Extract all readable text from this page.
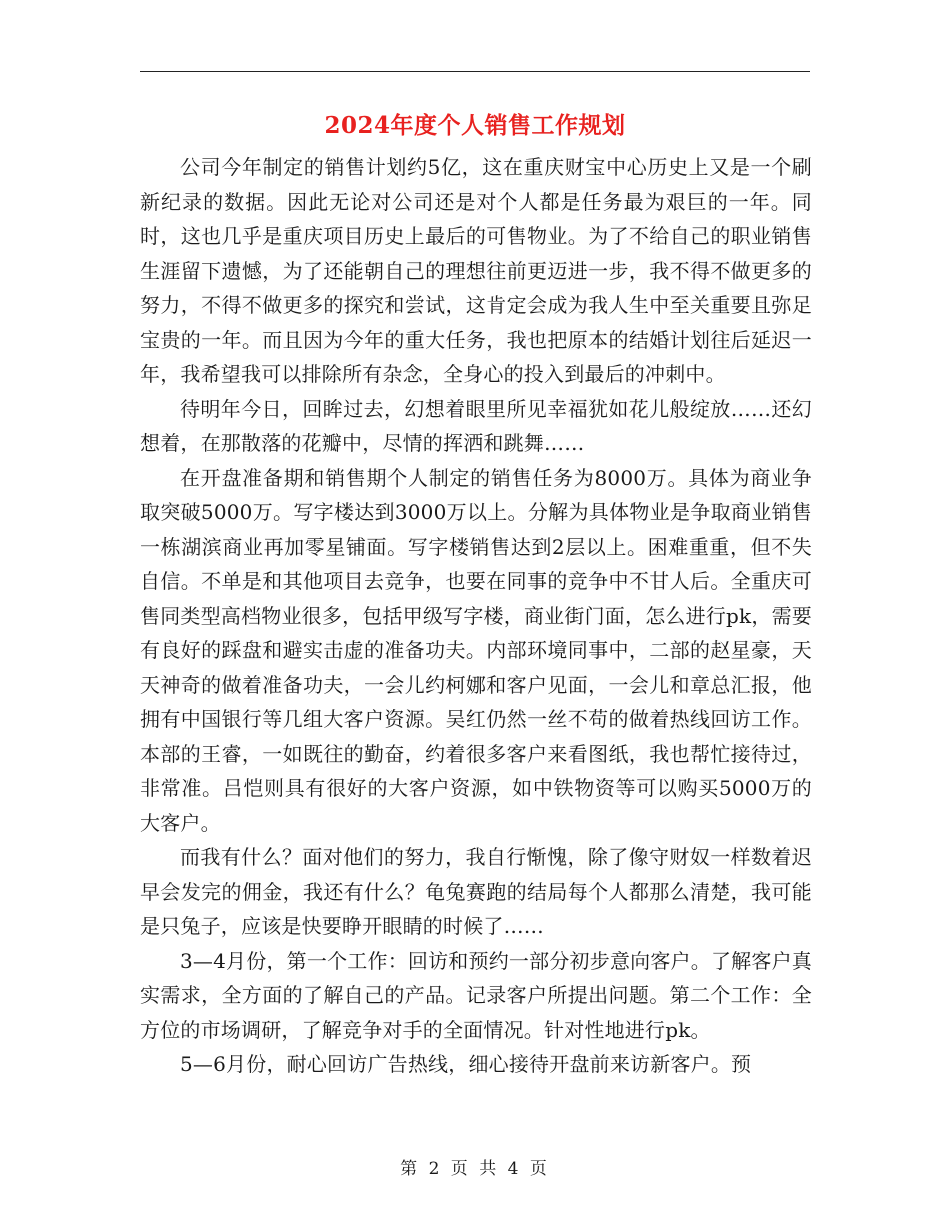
2024年度个人销售工作规划

公司今年制定的销售计划约5亿，这在重庆财宝中心历史上又是一个刷新纪录的数据。因此无论对公司还是对个人都是任务最为艰巨的一年。同时，这也几乎是重庆项目历史上最后的可售物业。为了不给自己的职业销售生涯留下遗憾，为了还能朝自己的理想往前更迈进一步，我不得不做更多的努力，不得不做更多的探究和尝试，这肯定会成为我人生中至关重要且弥足宝贵的一年。而且因为今年的重大任务，我也把原本的结婚计划往后延迟一年，我希望我可以排除所有杂念，全身心的投入到最后的冲刺中。

待明年今日，回眸过去，幻想着眼里所见幸福犹如花儿般绽放……还幻想着，在那散落的花瓣中，尽情的挥洒和跳舞……

在开盘准备期和销售期个人制定的销售任务为8000万。具体为商业争取突破5000万。写字楼达到3000万以上。分解为具体物业是争取商业销售一栋湖滨商业再加零星铺面。写字楼销售达到2层以上。困难重重，但不失自信。不单是和其他项目去竞争，也要在同事的竞争中不甘人后。全重庆可售同类型高档物业很多，包括甲级写字楼，商业街门面，怎么进行pk，需要有良好的踩盘和避实击虚的准备功夫。内部环境同事中，二部的赵星豪，天天神奇的做着准备功夫，一会儿约柯娜和客户见面，一会儿和章总汇报，他拥有中国银行等几组大客户资源。吴红仍然一丝不苟的做着热线回访工作。本部的王睿，一如既往的勤奋，约着很多客户来看图纸，我也帮忙接待过，非常准。吕恺则具有很好的大客户资源，如中铁物资等可以购买5000万的大客户。

而我有什么？面对他们的努力，我自行惭愧，除了像守财奴一样数着迟早会发完的佣金，我还有什么？龟兔赛跑的结局每个人都那么清楚，我可能是只兔子，应该是快要睁开眼睛的时候了……

3—4月份，第一个工作：回访和预约一部分初步意向客户。了解客户真实需求，全方面的了解自己的产品。记录客户所提出问题。第二个工作：全方位的市场调研，了解竞争对手的全面情况。针对性地进行pk。

5—6月份，耐心回访广告热线，细心接待开盘前来访新客户。预

第 2 页 共 4 页
